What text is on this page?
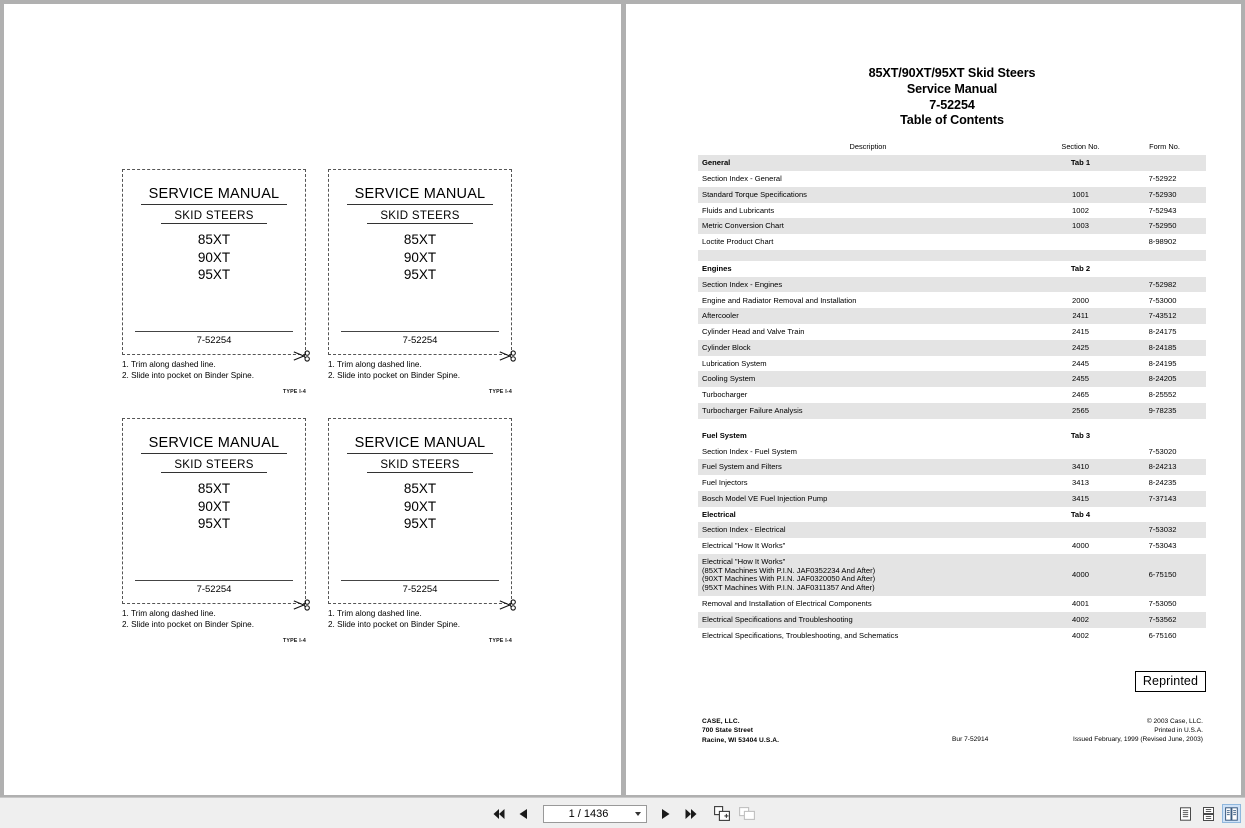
SERVICE MANUAL
SKID STEERS
85XT
90XT
95XT
7-52254
1. Trim along dashed line.
2. Slide into pocket on Binder Spine.
TYPE I-4
SERVICE MANUAL
SKID STEERS
85XT
90XT
95XT
7-52254
1. Trim along dashed line.
2. Slide into pocket on Binder Spine.
TYPE I-4
SERVICE MANUAL
SKID STEERS
85XT
90XT
95XT
7-52254
1. Trim along dashed line.
2. Slide into pocket on Binder Spine.
TYPE I-4
SERVICE MANUAL
SKID STEERS
85XT
90XT
95XT
7-52254
1. Trim along dashed line.
2. Slide into pocket on Binder Spine.
TYPE I-4
85XT/90XT/95XT Skid Steers
Service Manual
7-52254
Table of Contents
Description	Section No.	Form No.
General	Tab 1	
Section Index - General		7-52922
Standard Torque Specifications	1001	7-52930
Fluids and Lubricants	1002	7-52943
Metric Conversion Chart	1003	7-52950
Loctite Product Chart		8-98902

Engines	Tab 2	
Section Index - Engines		7-52982
Engine and Radiator Removal and Installation	2000	7-53000
Aftercooler	2411	7-43512
Cylinder Head and Valve Train	2415	8-24175
Cylinder Block	2425	8-24185
Lubrication System	2445	8-24195
Cooling System	2455	8-24205
Turbocharger	2465	8-25552
Turbocharger Failure Analysis	2565	9-78235

Fuel System	Tab 3	
Section Index - Fuel System		7-53020
Fuel System and Filters	3410	8-24213
Fuel Injectors	3413	8-24235
Bosch Model VE Fuel Injection Pump	3415	7-37143
Electrical	Tab 4	
Section Index - Electrical		7-53032
Electrical "How It Works"	4000	7-53043

Electrical "How It Works"
(85XT Machines With P.I.N. JAF0352234 And After)
(90XT Machines With P.I.N. JAF0320050 And After)
(95XT Machines With P.I.N. JAF0311357 And After)	4000	6-75150
Removal and Installation of Electrical Components	4001	7-53050
Electrical Specifications and Troubleshooting	4002	7-53562
Electrical Specifications, Troubleshooting, and Schematics	4002	6-75160
Reprinted
CASE, LLC.
700 State Street
Racine, WI 53404 U.S.A.	Bur 7-52914
© 2003 Case, LLC.
Printed in U.S.A.
Issued February, 1999 (Revised June, 2003)
1 / 1436
